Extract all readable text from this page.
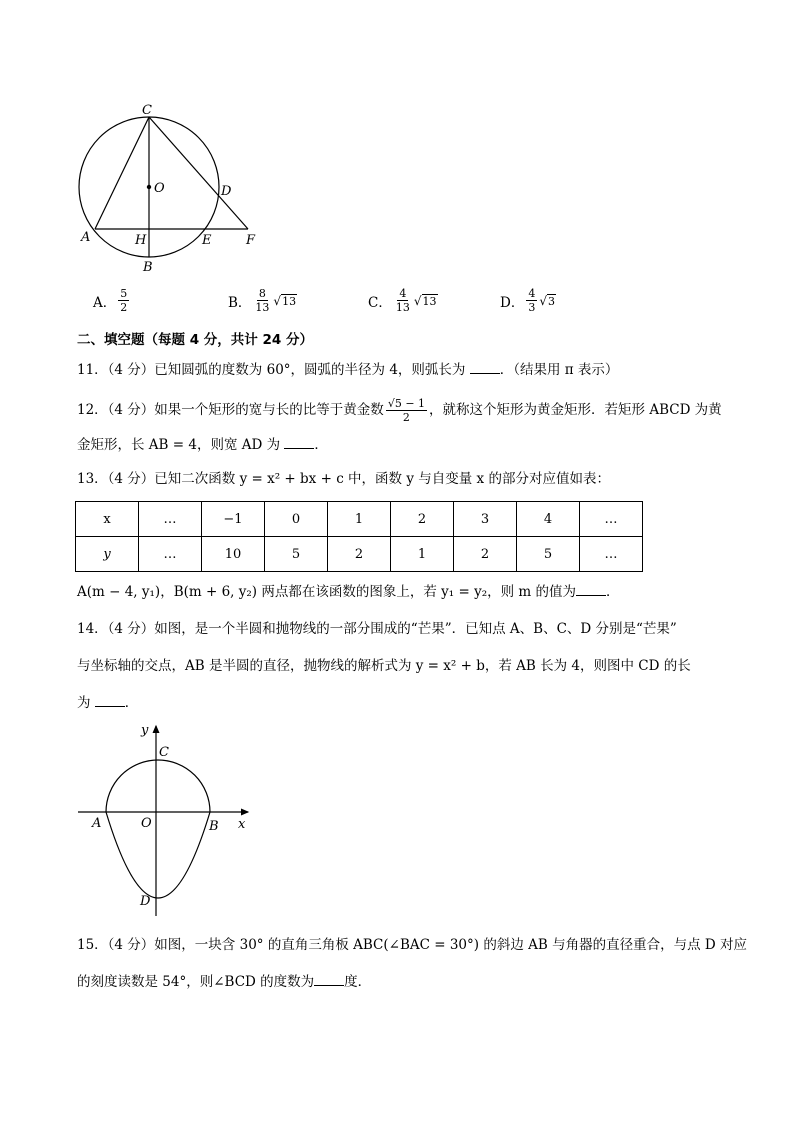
C
O	D
A	H	E	F
B
A． $\frac{5}{2}$	B． $\frac{8}{13}$ √ 13	C． $\frac{4}{13}$ √ 13	D． $\frac{4}{3}$ √ 3
二、填空题（每题 4 分，共计 24 分）
11．（4 分）已知圆弧的度数为 60°，圆弧的半径为 4，则弧长为 ．（结果用 π 表示）
12．（4 分）如果一个矩形的宽与长的比等于黄金数 $\frac{√5 - 1}{2}$ ，就称这个矩形为黄金矩形．若矩形 ABCD 为黄
金矩形，长 AB = 4，则宽 AD 为 ．
13．（4 分）已知二次函数 y = x² + bx + c 中，函数 y 与自变量 x 的部分对应值如表：
x	…	−1	0	1	2	3	4	…
y	…	10	5	2	1	2	5	…
A(m − 4, y₁)，B(m + 6, y₂) 两点都在该函数的图象上，若 y₁ = y₂，则 m 的值为 ．
14．（4 分）如图，是一个半圆和抛物线的一部分围成的“芒果”．已知点 A、B、C、D 分别是“芒果”
与坐标轴的交点，AB 是半圆的直径，抛物线的解析式为 y = x² + b，若 AB 长为 4，则图中 CD 的长
为 ．
y
C
x
A	O	B
D
15．（4 分）如图，一块含 30° 的直角三角板 ABC(∠BAC = 30°) 的斜边 AB 与角器的直径重合，与点 D 对应
的刻度读数是 54°，则∠BCD 的度数为 度．
